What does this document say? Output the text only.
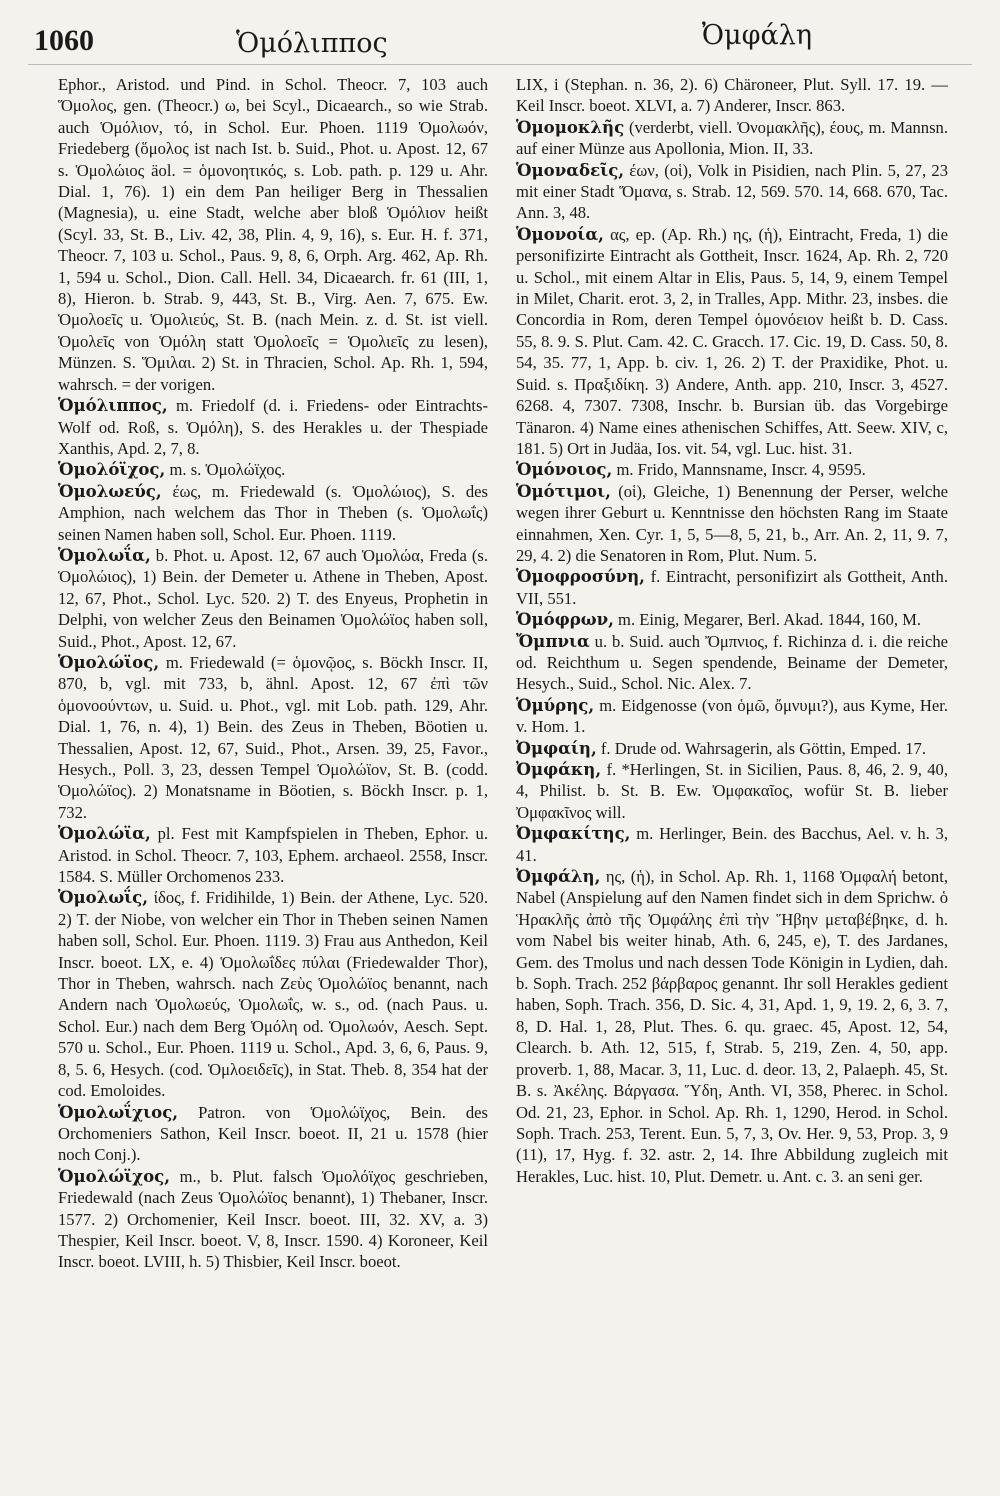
1060	Ὁμόλιππος	Ὀμφάλη

Ephor., Aristod. und Pind. in Schol. Theocr. 7, 103 auch Ὅμολος, gen. (Theocr.) ω, bei Scyl., Dicaearch., so wie Strab. auch Ὁμόλιον, τό, in Schol. Eur. Phoen. 1119 Ὁμολωόν, Friedeberg (ὅμολος ist nach Ist. b. Suid., Phot. u. Apost. 12, 67 s. Ὁμολώιος äol. = ὁμονοητικός, s. Lob. path. p. 129 u. Ahr. Dial. 1, 76). 1) ein dem Pan heiliger Berg in Thessalien (Magnesia), u. eine Stadt, welche aber bloß Ὁμόλιον heißt (Scyl. 33, St. B., Liv. 42, 38, Plin. 4, 9, 16), s. Eur. H. f. 371, Theocr. 7, 103 u. Schol., Paus. 9, 8, 6, Orph. Arg. 462, Ap. Rh. 1, 594 u. Schol., Dion. Call. Hell. 34, Dicaearch. fr. 61 (III, 1, 8), Hieron. b. Strab. 9, 443, St. B., Virg. Aen. 7, 675. Ew. Ὁμολοεῖς u. Ὁμολιεύς, St. B. (nach Mein. z. d. St. ist viell. Ὁμολεῖς von Ὁμόλη statt Ὁμολοεῖς = Ὁμολιεῖς zu lesen), Münzen. S. Ὅμιλαι. 2) St. in Thracien, Schol. Ap. Rh. 1, 594, wahrsch. = der vorigen.

Ὁμόλιππος, m. Friedolf (d. i. Friedens- oder Eintrachts-Wolf od. Roß, s. Ὁμόλη), S. des Herakles u. der Thespiade Xanthis, Apd. 2, 7, 8.

Ὁμολόϊχος, m. s. Ὁμολώϊχος.

Ὁμολωεύς, έως, m. Friedewald (s. Ὁμολώιος), S. des Amphion, nach welchem das Thor in Theben (s. Ὁμολωΐς) seinen Namen haben soll, Schol. Eur. Phoen. 1119.

Ὁμολωΐα, b. Phot. u. Apost. 12, 67 auch Ὁμολώα, Freda (s. Ὁμολώιος), 1) Bein. der Demeter u. Athene in Theben, Apost. 12, 67, Phot., Schol. Lyc. 520. 2) T. des Enyeus, Prophetin in Delphi, von welcher Zeus den Beinamen Ὁμολώϊος haben soll, Suid., Phot., Apost. 12, 67.

Ὁμολώϊος, m. Friedewald (= ὁμονῷος, s. Böckh Inscr. II, 870, b, vgl. mit 733, b, ähnl. Apost. 12, 67 ἐπὶ τῶν ὁμονοούντων, u. Suid. u. Phot., vgl. mit Lob. path. 129, Ahr. Dial. 1, 76, n. 4), 1) Bein. des Zeus in Theben, Böotien u. Thessalien, Apost. 12, 67, Suid., Phot., Arsen. 39, 25, Favor., Hesych., Poll. 3, 23, dessen Tempel Ὁμολώϊον, St. B. (codd. Ὁμολώϊος). 2) Monatsname in Böotien, s. Böckh Inscr. p. 1, 732.

Ὁμολώϊα, pl. Fest mit Kampfspielen in Theben, Ephor. u. Aristod. in Schol. Theocr. 7, 103, Ephem. archaeol. 2558, Inscr. 1584. S. Müller Orchomenos 233.

Ὁμολωΐς, ίδος, f. Fridihilde, 1) Bein. der Athene, Lyc. 520. 2) T. der Niobe, von welcher ein Thor in Theben seinen Namen haben soll, Schol. Eur. Phoen. 1119. 3) Frau aus Anthedon, Keil Inscr. boeot. LX, e. 4) Ὁμολωΐδες πύλαι (Friedewalder Thor), Thor in Theben, wahrsch. nach Ζεὺς Ὁμολώϊος benannt, nach Andern nach Ὁμολωεύς, Ὁμολωΐς, w. s., od. (nach Paus. u. Schol. Eur.) nach dem Berg Ὁμόλη od. Ὁμολωόν, Aesch. Sept. 570 u. Schol., Eur. Phoen. 1119 u. Schol., Apd. 3, 6, 6, Paus. 9, 8, 5. 6, Hesych. (cod. Ὁμλοειδεῖς), in Stat. Theb. 8, 354 hat der cod. Emoloides.

Ὁμολωΐχιος, Patron. von Ὁμολώϊχος, Bein. des Orchomeniers Sathon, Keil Inscr. boeot. II, 21 u. 1578 (hier noch Conj.).

Ὁμολώϊχος, m., b. Plut. falsch Ὁμολόϊχος geschrieben, Friedewald (nach Zeus Ὁμολώϊος benannt), 1) Thebaner, Inscr. 1577. 2) Orchomenier, Keil Inscr. boeot. III, 32. XV, a. 3) Thespier, Keil Inscr. boeot. V, 8, Inscr. 1590. 4) Koroneer, Keil Inscr. boeot. LVIII, h. 5) Thisbier, Keil Inscr. boeot.

LIX, i (Stephan. n. 36, 2). 6) Chäroneer, Plut. Syll. 17. 19. — Keil Inscr. boeot. XLVI, a. 7) Anderer, Inscr. 863.

Ὁμομοκλῆς (verderbt, viell. Ὀνομακλῆς), έους, m. Mannsn. auf einer Münze aus Apollonia, Mion. II, 33.

Ὁμοναδεῖς, έων, (οἱ), Volk in Pisidien, nach Plin. 5, 27, 23 mit einer Stadt Ὅμανα, s. Strab. 12, 569. 570. 14, 668. 670, Tac. Ann. 3, 48.

Ὁμονοία, ας, ep. (Ap. Rh.) ης, (ἡ), Eintracht, Freda, 1) die personifizirte Eintracht als Gottheit, Inscr. 1624, Ap. Rh. 2, 720 u. Schol., mit einem Altar in Elis, Paus. 5, 14, 9, einem Tempel in Milet, Charit. erot. 3, 2, in Tralles, App. Mithr. 23, insbes. die Concordia in Rom, deren Tempel ὁμονόειον heißt b. D. Cass. 55, 8. 9. S. Plut. Cam. 42. C. Gracch. 17. Cic. 19, D. Cass. 50, 8. 54, 35. 77, 1, App. b. civ. 1, 26. 2) T. der Praxidike, Phot. u. Suid. s. Πραξιδίκη. 3) Andere, Anth. app. 210, Inscr. 3, 4527. 6268. 4, 7307. 7308, Inschr. b. Bursian üb. das Vorgebirge Tänaron. 4) Name eines athenischen Schiffes, Att. Seew. XIV, c, 181. 5) Ort in Judäa, Ios. vit. 54, vgl. Luc. hist. 31.

Ὁμόνοιος, m. Frido, Mannsname, Inscr. 4, 9595.

Ὁμότιμοι, (οἱ), Gleiche, 1) Benennung der Perser, welche wegen ihrer Geburt u. Kenntnisse den höchsten Rang im Staate einnahmen, Xen. Cyr. 1, 5, 5—8, 5, 21, b., Arr. An. 2, 11, 9. 7, 29, 4. 2) die Senatoren in Rom, Plut. Num. 5.

Ὁμοφροσύνη, f. Eintracht, personifizirt als Gottheit, Anth. VII, 551.

Ὁμόφρων, m. Einig, Megarer, Berl. Akad. 1844, 160, M.

Ὄμπνια u. b. Suid. auch Ὄμπνιος, f. Richinza d. i. die reiche od. Reichthum u. Segen spendende, Beiname der Demeter, Hesych., Suid., Schol. Nic. Alex. 7.

Ὁμύρης, m. Eidgenosse (von ὁμῶ, ὄμνυμι?), aus Kyme, Her. v. Hom. 1.

Ὀμφαίη, f. Drude od. Wahrsagerin, als Göttin, Emped. 17.

Ὀμφάκη, f. *Herlingen, St. in Sicilien, Paus. 8, 46, 2. 9, 40, 4, Philist. b. St. B. Ew. Ὀμφακαῖος, wofür St. B. lieber Ὀμφακῖνος will.

Ὀμφακίτης, m. Herlinger, Bein. des Bacchus, Ael. v. h. 3, 41.

Ὀμφάλη, ης, (ἡ), in Schol. Ap. Rh. 1, 1168 Ὀμφαλή betont, Nabel (Anspielung auf den Namen findet sich in dem Sprichw. ὁ Ἡρακλῆς ἀπὸ τῆς Ὀμφάλης ἐπὶ τὴν Ἥβην μεταβέβηκε, d. h. vom Nabel bis weiter hinab, Ath. 6, 245, e), T. des Jardanes, Gem. des Tmolus und nach dessen Tode Königin in Lydien, dah. b. Soph. Trach. 252 βάρβαρος genannt. Ihr soll Herakles gedient haben, Soph. Trach. 356, D. Sic. 4, 31, Apd. 1, 9, 19. 2, 6, 3. 7, 8, D. Hal. 1, 28, Plut. Thes. 6. qu. graec. 45, Apost. 12, 54, Clearch. b. Ath. 12, 515, f, Strab. 5, 219, Zen. 4, 50, app. proverb. 1, 88, Macar. 3, 11, Luc. d. deor. 13, 2, Palaeph. 45, St. B. s. Ἀκέλης. Βάργασα. Ὕδη, Anth. VI, 358, Pherec. in Schol. Od. 21, 23, Ephor. in Schol. Ap. Rh. 1, 1290, Herod. in Schol. Soph. Trach. 253, Terent. Eun. 5, 7, 3, Ov. Her. 9, 53, Prop. 3, 9 (11), 17, Hyg. f. 32. astr. 2, 14. Ihre Abbildung zugleich mit Herakles, Luc. hist. 10, Plut. Demetr. u. Ant. c. 3. an seni ger.
